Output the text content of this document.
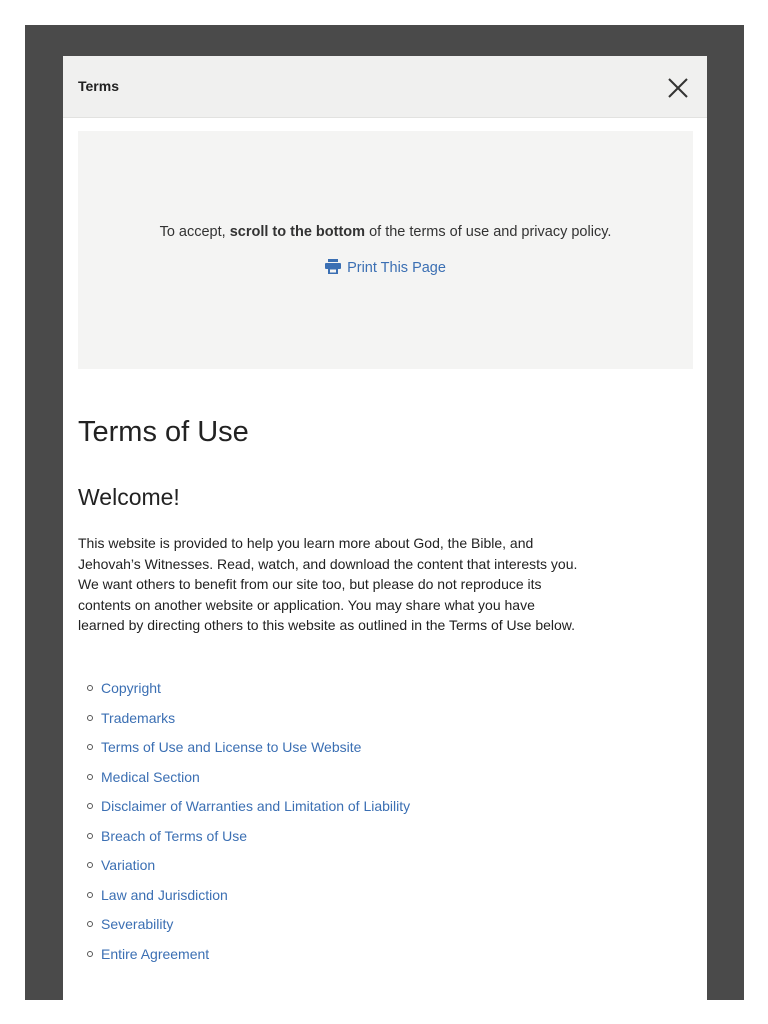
Terms
To accept, scroll to the bottom of the terms of use and privacy policy.
Print This Page
Terms of Use
Welcome!

This website is provided to help you learn more about God, the Bible, and Jehovah’s Witnesses. Read, watch, and download the content that interests you. We want others to benefit from our site too, but please do not reproduce its contents on another website or application. You may share what you have learned by directing others to this website as outlined in the Terms of Use below.

Copyright
Trademarks
Terms of Use and License to Use Website
Medical Section
Disclaimer of Warranties and Limitation of Liability
Breach of Terms of Use
Variation
Law and Jurisdiction
Severability
Entire Agreement
